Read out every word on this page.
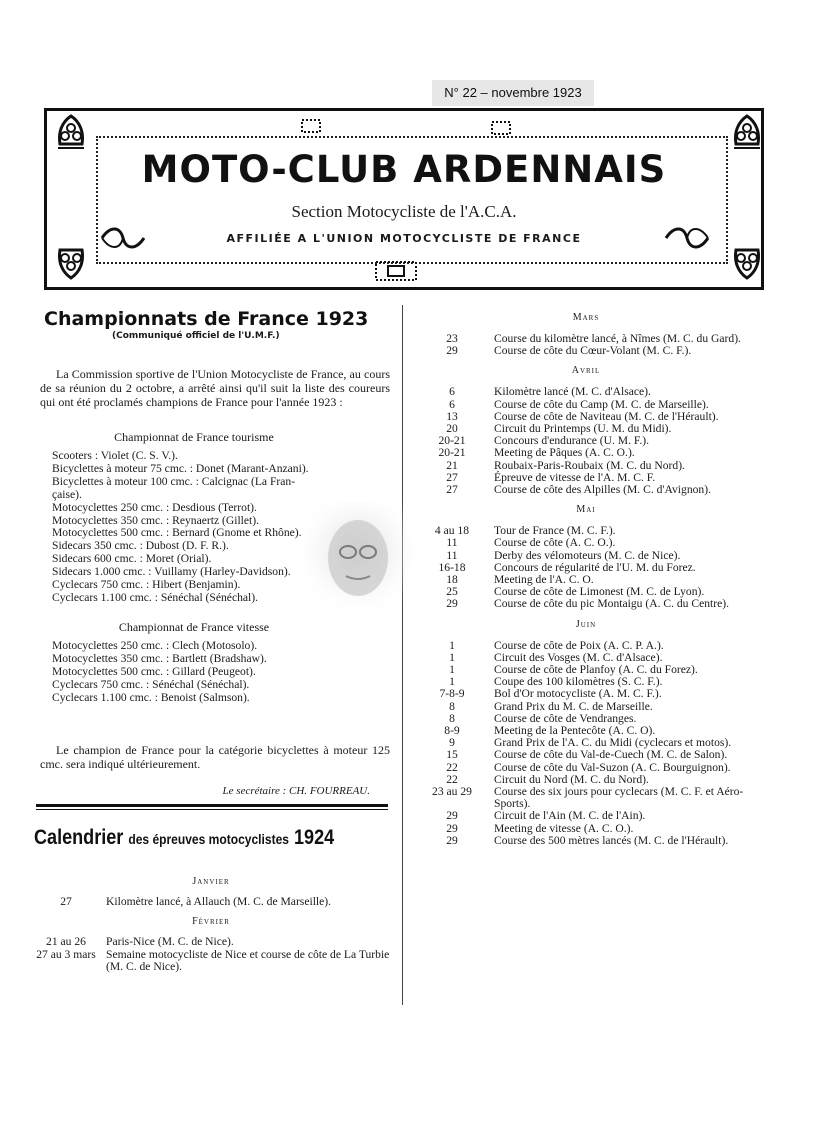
N° 22 – novembre 1923
MOTO-CLUB ARDENNAIS
Section Motocycliste de l'A.C.A.
AFFILIÉE A L'UNION MOTOCYCLISTE DE FRANCE
Championnats de France 1923
(Communiqué officiel de l'U.M.F.)
La Commission sportive de l'Union Motocycliste de France, au cours de sa réunion du 2 octobre, a arrêté ainsi qu'il suit la liste des coureurs qui ont été proclamés champions de France pour l'année 1923 :
Championnat de France tourisme
Scooters : Violet (C. S. V.).
Bicyclettes à moteur 75 cmc. : Donet (Marant-Anzani).
Bicyclettes à moteur 100 cmc. : Calcignac (La Fran-
çaise).
Motocyclettes 250 cmc. : Desdious (Terrot).
Motocyclettes 350 cmc. : Reynaertz (Gillet).
Motocyclettes 500 cmc. : Bernard (Gnome et Rhône).
Sidecars 350 cmc. : Dubost (D. F. R.).
Sidecars 600 cmc. : Moret (Orial).
Sidecars 1.000 cmc. : Vuillamy (Harley-Davidson).
Cyclecars 750 cmc. : Hibert (Benjamin).
Cyclecars 1.100 cmc. : Sénéchal (Sénéchal).
Championnat de France vitesse
Motocyclettes 250 cmc. : Clech (Motosolo).
Motocyclettes 350 cmc. : Bartlett (Bradshaw).
Motocyclettes 500 cmc. : Gillard (Peugeot).
Cyclecars 750 cmc. : Sénéchal (Sénéchal).
Cyclecars 1.100 cmc. : Benoist (Salmson).
Le champion de France pour la catégorie bicyclettes à moteur 125 cmc. sera indiqué ultérieurement.
Le secrétaire : CH. FOURREAU.
Calendrier des épreuves motocyclistes 1924
Janvier
27	Kilomètre lancé, à Allauch (M. C. de Marseille).
Février
21 au 26	Paris-Nice (M. C. de Nice).
27 au 3 mars Semaine motocycliste de Nice et course de côte de La Turbie (M. C. de Nice).
Mars
23	Course du kilomètre lancé, à Nîmes (M. C. du Gard).
29	Course de côte du Cœur-Volant (M. C. F.).
Avril
6	Kilomètre lancé (M. C. d'Alsace).
6	Course de côte du Camp (M. C. de Marseille).
13	Course de côte de Naviteau (M. C. de l'Hérault).
20	Circuit du Printemps (U. M. du Midi).
20-21	Concours d'endurance (U. M. F.).
20-21	Meeting de Pâques (A. C. O.).
21	Roubaix-Paris-Roubaix (M. C. du Nord).
27	Épreuve de vitesse de l'A. M. C. F.
27	Course de côte des Alpilles (M. C. d'Avignon).
Mai
4 au 18	Tour de France (M. C. F.).
11	Course de côte (A. C. O.).
11	Derby des vélomoteurs (M. C. de Nice).
16-18	Concours de régularité de l'U. M. du Forez.
18	Meeting de l'A. C. O.
25	Course de côte de Limonest (M. C. de Lyon).
29	Course de côte du pic Montaigu (A. C. du Centre).
Juin
1	Course de côte de Poix (A. C. P. A.).
1	Circuit des Vosges (M. C. d'Alsace).
1	Course de côte de Planfoy (A. C. du Forez).
1	Coupe des 100 kilomètres (S. C. F.).
7-8-9	Bol d'Or motocycliste (A. M. C. F.).
8	Grand Prix du M. C. de Marseille.
8	Course de côte de Vendranges.
8-9	Meeting de la Pentecôte (A. C. O).
9	Grand Prix de l'A. C. du Midi (cyclecars et motos).
15	Course de côte du Val-de-Cuech (M. C. de Salon).
22	Course de côte du Val-Suzon (A. C. Bourguignon).
22	Circuit du Nord (M. C. du Nord).
23 au 29	Course des six jours pour cyclecars (M. C. F. et Aéro-Sports).
29	Circuit de l'Ain (M. C. de l'Ain).
29	Meeting de vitesse (A. C. O.).
29	Course des 500 mètres lancés (M. C. de l'Hérault).
